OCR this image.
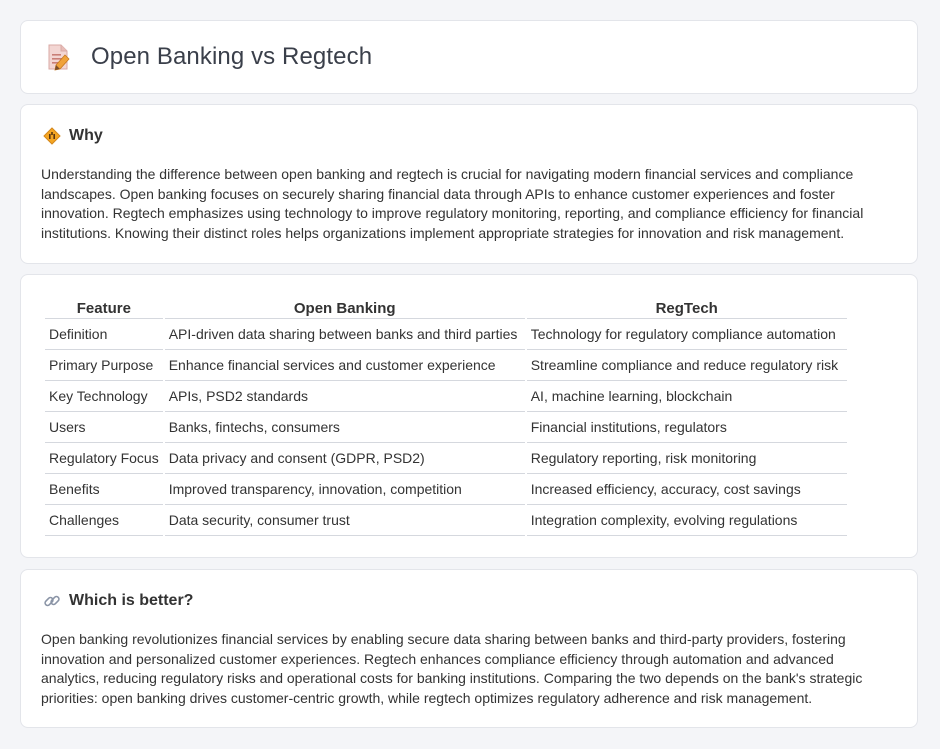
Open Banking vs Regtech
Why
Understanding the difference between open banking and regtech is crucial for navigating modern financial services and compliance landscapes. Open banking focuses on securely sharing financial data through APIs to enhance customer experiences and foster innovation. Regtech emphasizes using technology to improve regulatory monitoring, reporting, and compliance efficiency for financial institutions. Knowing their distinct roles helps organizations implement appropriate strategies for innovation and risk management.
Feature	Open Banking	RegTech
Definition	API-driven data sharing between banks and third parties	Technology for regulatory compliance automation
Primary Purpose	Enhance financial services and customer experience	Streamline compliance and reduce regulatory risk
Key Technology	APIs, PSD2 standards	AI, machine learning, blockchain
Users	Banks, fintechs, consumers	Financial institutions, regulators
Regulatory Focus	Data privacy and consent (GDPR, PSD2)	Regulatory reporting, risk monitoring
Benefits	Improved transparency, innovation, competition	Increased efficiency, accuracy, cost savings
Challenges	Data security, consumer trust	Integration complexity, evolving regulations
Which is better?
Open banking revolutionizes financial services by enabling secure data sharing between banks and third-party providers, fostering innovation and personalized customer experiences. Regtech enhances compliance efficiency through automation and advanced analytics, reducing regulatory risks and operational costs for banking institutions. Comparing the two depends on the bank's strategic priorities: open banking drives customer-centric growth, while regtech optimizes regulatory adherence and risk management.
